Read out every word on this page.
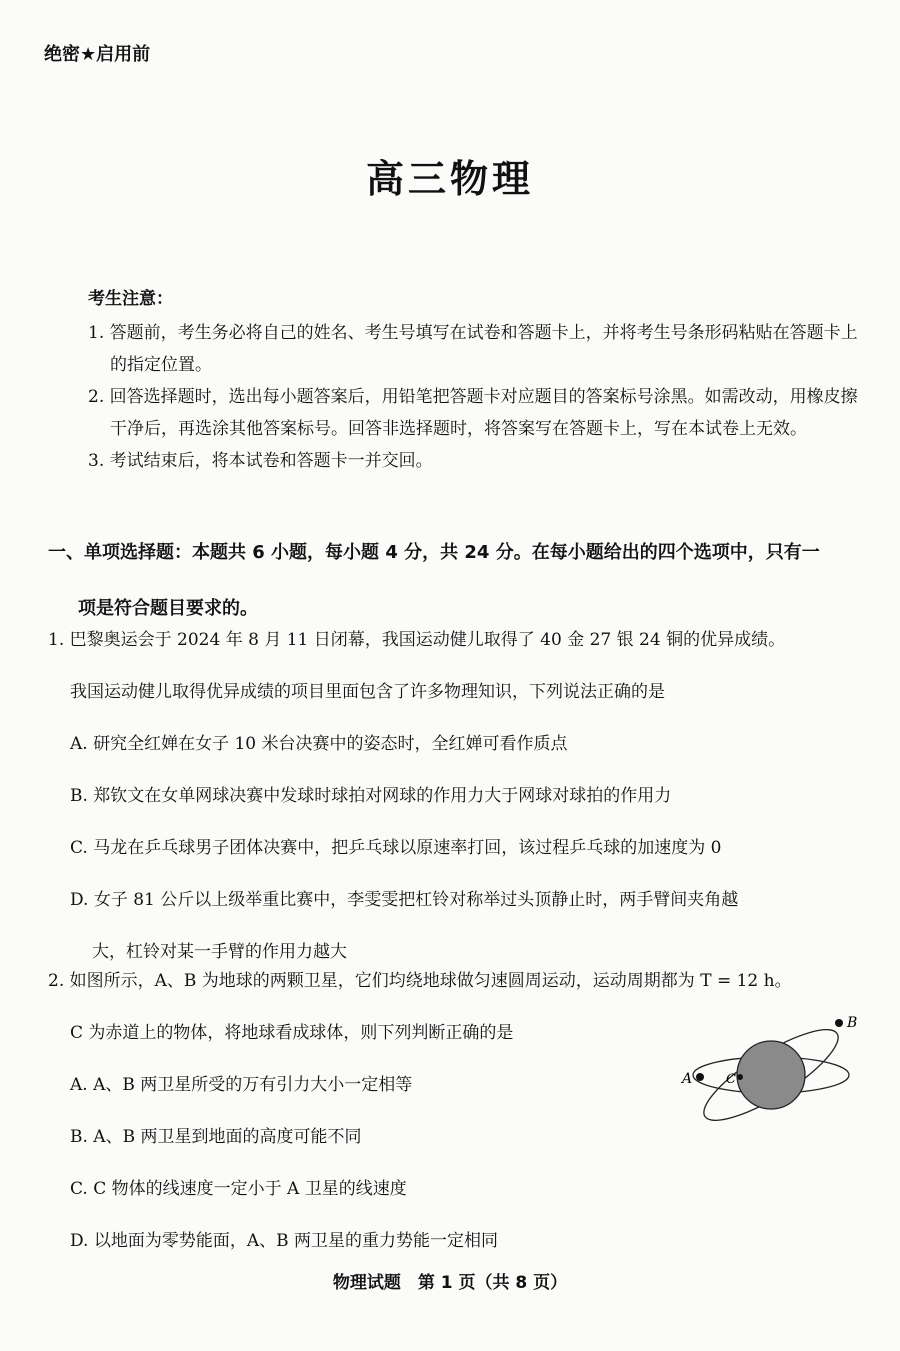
绝密★启用前
高三物理
考生注意：
1. 答题前，考生务必将自己的姓名、考生号填写在试卷和答题卡上，并将考生号条形码粘贴在答题卡上的指定位置。
2. 回答选择题时，选出每小题答案后，用铅笔把答题卡对应题目的答案标号涂黑。如需改动，用橡皮擦干净后，再选涂其他答案标号。回答非选择题时，将答案写在答题卡上，写在本试卷上无效。
3. 考试结束后，将本试卷和答题卡一并交回。
一、单项选择题：本题共 6 小题，每小题 4 分，共 24 分。在每小题给出的四个选项中，只有一
项是符合题目要求的。
1. 巴黎奥运会于 2024 年 8 月 11 日闭幕，我国运动健儿取得了 40 金 27 银 24 铜的优异成绩。
我国运动健儿取得优异成绩的项目里面包含了许多物理知识，下列说法正确的是
A. 研究全红婵在女子 10 米台决赛中的姿态时，全红婵可看作质点
B. 郑钦文在女单网球决赛中发球时球拍对网球的作用力大于网球对球拍的作用力
C. 马龙在乒乓球男子团体决赛中，把乒乓球以原速率打回，该过程乒乓球的加速度为 0
D. 女子 81 公斤以上级举重比赛中，李雯雯把杠铃对称举过头顶静止时，两手臂间夹角越
大，杠铃对某一手臂的作用力越大
2. 如图所示，A、B 为地球的两颗卫星，它们均绕地球做匀速圆周运动，运动周期都为 T = 12 h。
C 为赤道上的物体，将地球看成球体，则下列判断正确的是
A. A、B 两卫星所受的万有引力大小一定相等
B. A、B 两卫星到地面的高度可能不同
C. C 物体的线速度一定小于 A 卫星的线速度
D. 以地面为零势能面，A、B 两卫星的重力势能一定相同
A
B
C
物理试题　第 1 页（共 8 页）
